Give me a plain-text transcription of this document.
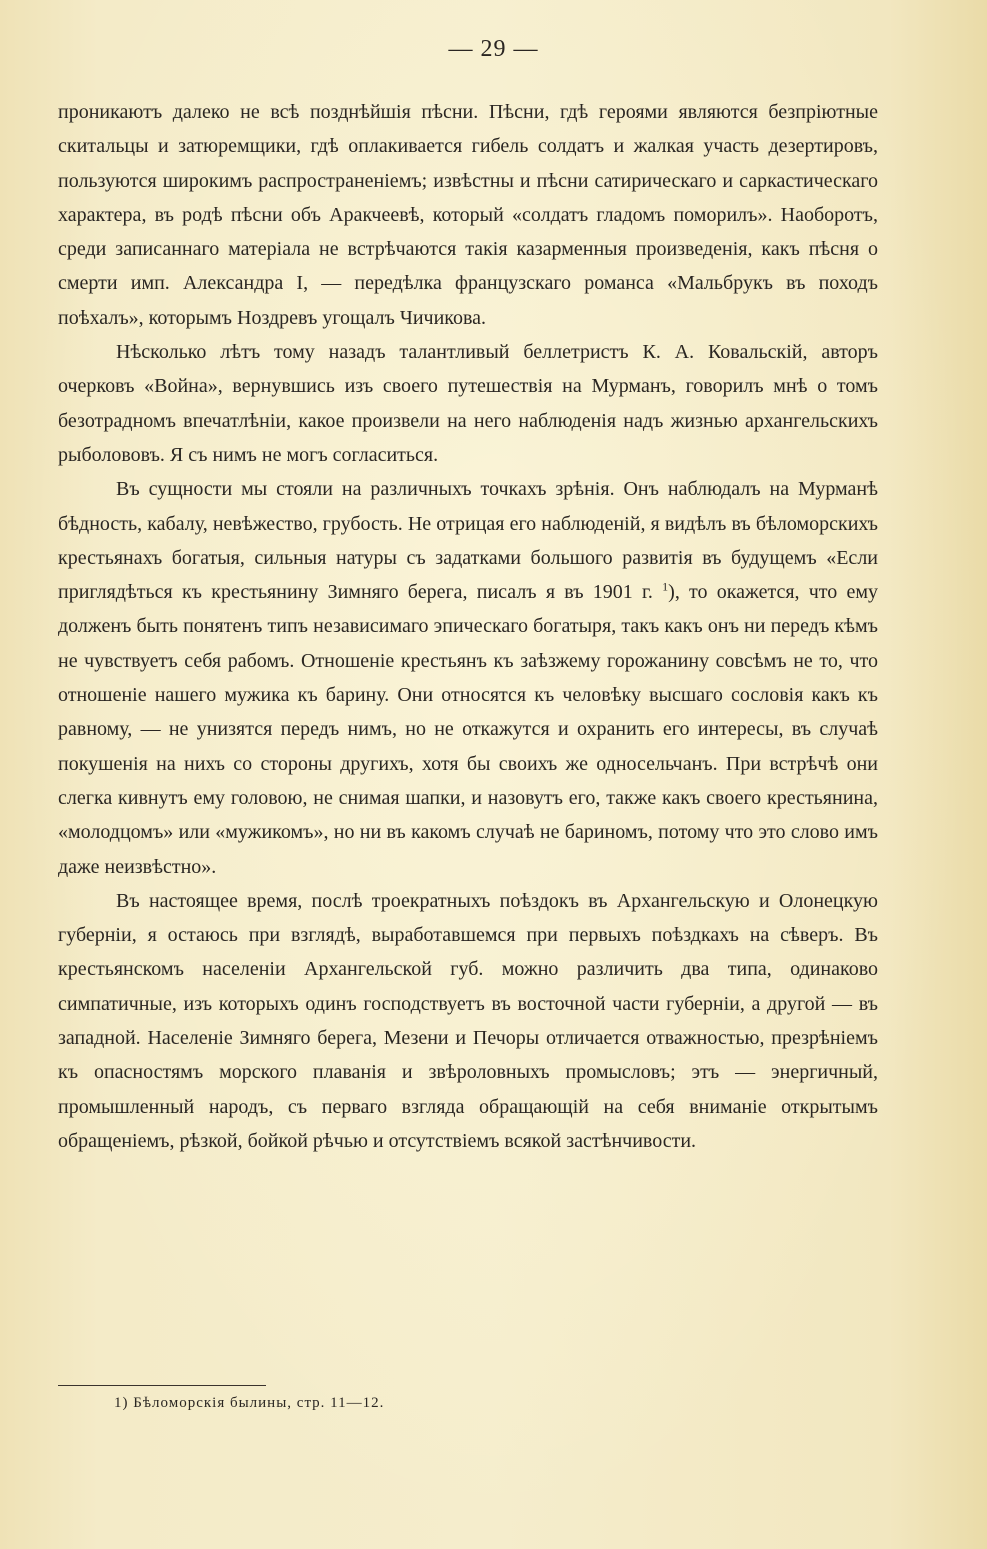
— 29 —

проникаютъ далеко не всѣ позднѣйшія пѣсни. Пѣсни, гдѣ героями являются безпріютные скитальцы и затюремщики, гдѣ оплакивается гибель солдатъ и жалкая участь дезертировъ, пользуются широкимъ распространеніемъ; извѣстны и пѣсни сатирическаго и саркастическаго характера, въ родѣ пѣсни объ Аракчеевѣ, который «солдатъ гладомъ поморилъ». Наоборотъ, среди записаннаго матеріала не встрѣчаются такія казарменныя произведенія, какъ пѣсня о смерти имп. Александра I, — передѣлка французскаго романса «Мальбрукъ въ походъ поѣхалъ», которымъ Ноздревъ угощалъ Чичикова.

Нѣсколько лѣтъ тому назадъ талантливый беллетристъ К. А. Ковальскій, авторъ очерковъ «Война», вернувшись изъ своего путешествія на Мурманъ, говорилъ мнѣ о томъ безотрадномъ впечатлѣніи, какое произвели на него наблюденія надъ жизнью архангельскихъ рыболововъ. Я съ нимъ не могъ согласиться.

Въ сущности мы стояли на различныхъ точкахъ зрѣнія. Онъ наблюдалъ на Мурманѣ бѣдность, кабалу, невѣжество, грубость. Не отрицая его наблюденій, я видѣлъ въ бѣломорскихъ крестьянахъ богатыя, сильныя натуры съ задатками большого развитія въ будущемъ «Если приглядѣться къ крестьянину Зимняго берега, писалъ я въ 1901 г. $^1$), то окажется, что ему долженъ быть понятенъ типъ независимаго эпическаго богатыря, такъ какъ онъ ни передъ кѣмъ не чувствуетъ себя рабомъ. Отношеніе крестьянъ къ заѣзжему горожанину совсѣмъ не то, что отношеніе нашего мужика къ барину. Они относятся къ человѣку высшаго сословія какъ къ равному, — не унизятся передъ нимъ, но не откажутся и охранить его интересы, въ случаѣ покушенія на нихъ со стороны другихъ, хотя бы своихъ же односельчанъ. При встрѣчѣ они слегка кивнутъ ему головою, не снимая шапки, и назовутъ его, также какъ своего крестьянина, «молодцомъ» или «мужикомъ», но ни въ какомъ случаѣ не бариномъ, потому что это слово имъ даже неизвѣстно».

Въ настоящее время, послѣ троекратныхъ поѣздокъ въ Архангельскую и Олонецкую губерніи, я остаюсь при взглядѣ, выработавшемся при первыхъ поѣздкахъ на сѣверъ. Въ крестьянскомъ населеніи Архангельской губ. можно различить два типа, одинаково симпатичные, изъ которыхъ одинъ господствуетъ въ восточной части губерніи, а другой — въ западной. Населеніе Зимняго берега, Мезени и Печоры отличается отважностью, презрѣніемъ къ опасностямъ морского плаванія и звѣроловныхъ промысловъ; этъ — энергичный, промышленный народъ, съ перваго взгляда обращающій на себя вниманіе открытымъ обращеніемъ, рѣзкой, бойкой рѣчью и отсутствіемъ всякой застѣнчивости.

1) Бѣломорскія былины, стр. 11—12.
